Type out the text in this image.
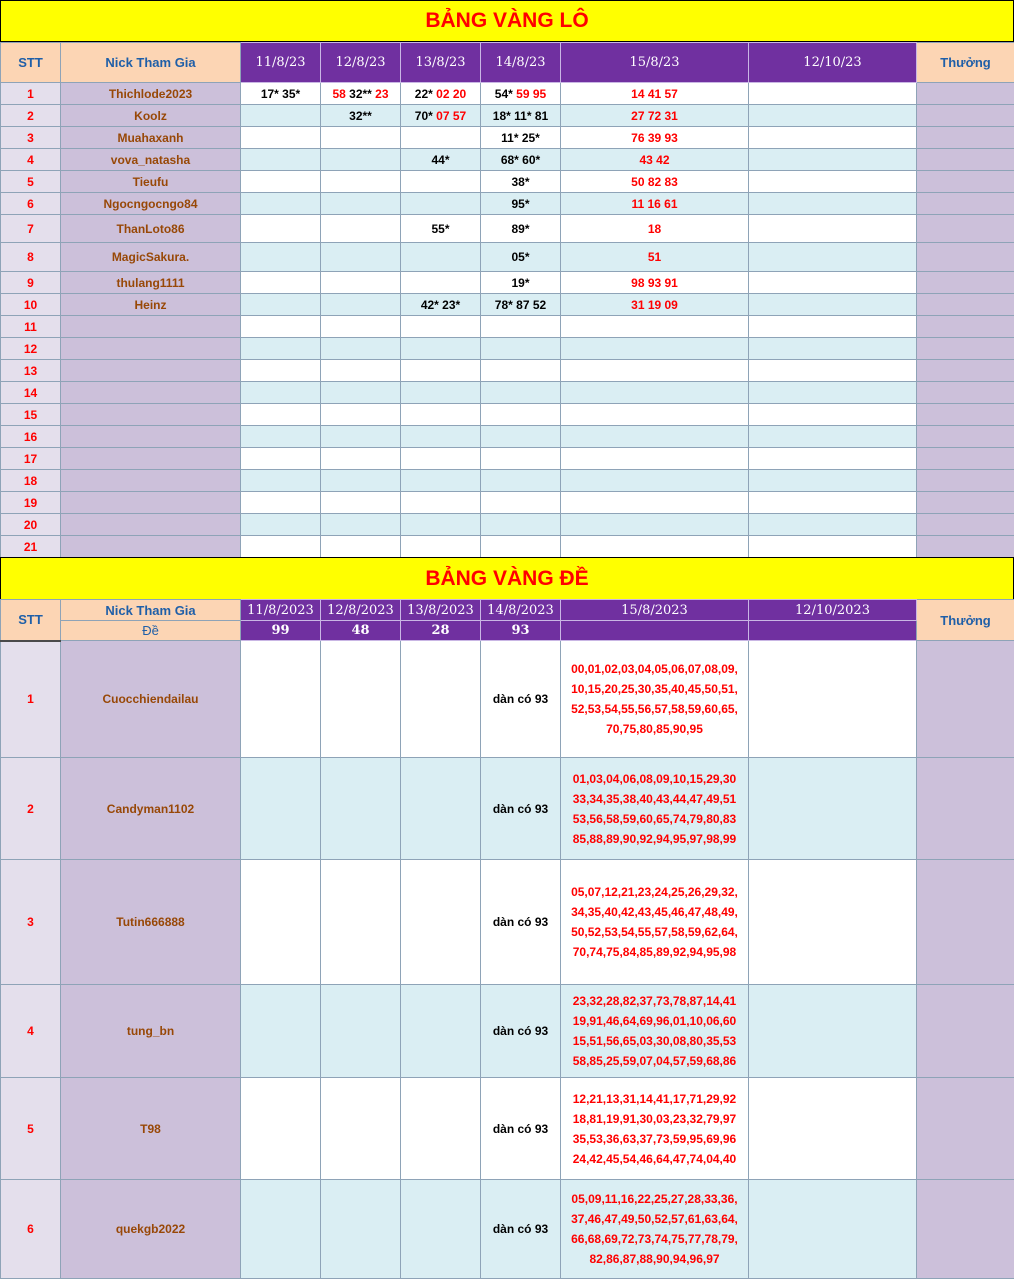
BẢNG VÀNG LÔ
STT	Nick Tham Gia	11/8/23	12/8/23	13/8/23	14/8/23	15/8/23	12/10/23	Thưởng
1	Thichlode2023	17* 35*	58 32** 23	22* 02 20	54* 59 95	14 41 57		
2	Koolz		32**	70* 07 57	18* 11* 81	27 72 31		
3	Muahaxanh				11* 25*	76 39 93		
4	vova_natasha			44*	68* 60*	43 42		
5	Tieufu				38*	50 82 83		
6	Ngocngocngo84				95*	11 16 61		
7	ThanLoto86			55*	89*	18		
8	MagicSakura.				05*	51		
9	thulang1111				19*	98 93 91		
10	Heinz			42* 23*	78* 87 52	31 19 09		
11								
12								
13								
14								
15								
16								
17								
18								
19								
20								
21								
BẢNG VÀNG ĐỀ
STT	Nick Tham Gia	11/8/2023	12/8/2023	13/8/2023	14/8/2023	15/8/2023	12/10/2023	Thưởng
	Đề	99	48	28	93			
1	Cuocchiendailau				dàn có 93	00,01,02,03,04,05,06,07,08,09,
10,15,20,25,30,35,40,45,50,51,
52,53,54,55,56,57,58,59,60,65,
70,75,80,85,90,95		

2	Candyman1102				dàn có 93	01,03,04,06,08,09,10,15,29,30
33,34,35,38,40,43,44,47,49,51
53,56,58,59,60,65,74,79,80,83
85,88,89,90,92,94,95,97,98,99		

3	Tutin666888				dàn có 93	05,07,12,21,23,24,25,26,29,32,
34,35,40,42,43,45,46,47,48,49,
50,52,53,54,55,57,58,59,62,64,
70,74,75,84,85,89,92,94,95,98		

4	tung_bn				dàn có 93	23,32,28,82,37,73,78,87,14,41
19,91,46,64,69,96,01,10,06,60
15,51,56,65,03,30,08,80,35,53
58,85,25,59,07,04,57,59,68,86		

5	T98				dàn có 93	12,21,13,31,14,41,17,71,29,92
18,81,19,91,30,03,23,32,79,97
35,53,36,63,37,73,59,95,69,96
24,42,45,54,46,64,47,74,04,40		

6	quekgb2022				dàn có 93	05,09,11,16,22,25,27,28,33,36,
37,46,47,49,50,52,57,61,63,64,
66,68,69,72,73,74,75,77,78,79,
82,86,87,88,90,94,96,97		
